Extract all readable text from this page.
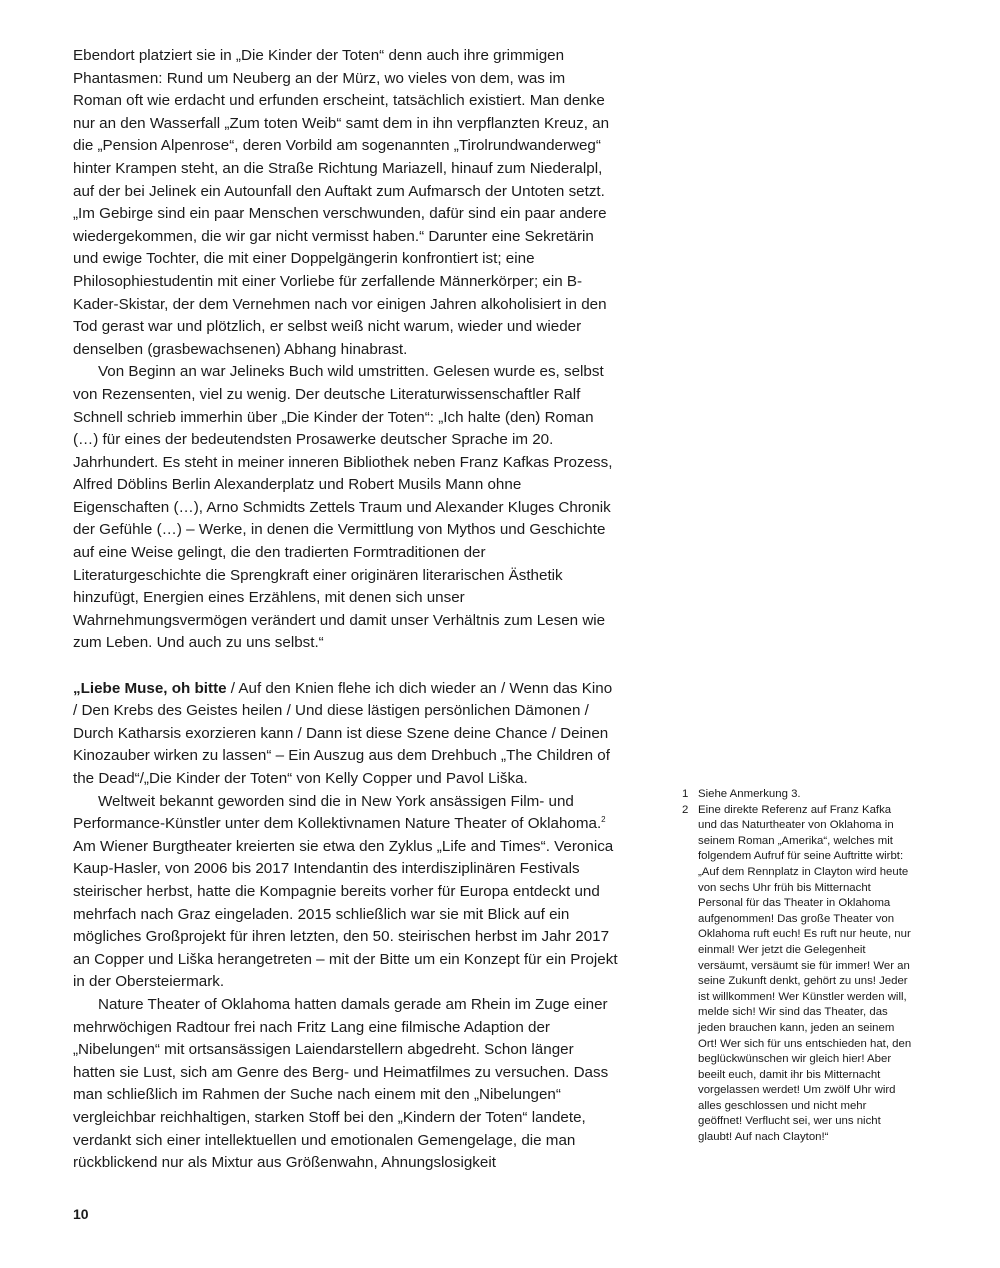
Ebendort platziert sie in „Die Kinder der Toten“ denn auch ihre grimmigen Phantasmen: Rund um Neuberg an der Mürz, wo vieles von dem, was im Roman oft wie erdacht und erfunden erscheint, tatsächlich existiert. Man denke nur an den Wasserfall „Zum toten Weib“ samt dem in ihn verpflanzten Kreuz, an die „Pension Alpenrose“, deren Vorbild am sogenannten „Tirolrundwanderweg“ hinter Krampen steht, an die Straße Richtung Mariazell, hinauf zum Niederalpl, auf der bei Jelinek ein Autounfall den Auftakt zum Aufmarsch der Untoten setzt. „Im Gebirge sind ein paar Menschen verschwunden, dafür sind ein paar andere wiedergekommen, die wir gar nicht vermisst haben.“ Darunter eine Sekretärin und ewige Tochter, die mit einer Doppelgängerin konfrontiert ist; eine Philosophiestudentin mit einer Vorliebe für zerfallende Männerkörper; ein B-Kader-Skistar, der dem Vernehmen nach vor einigen Jahren alkoholisiert in den Tod gerast war und plötzlich, er selbst weiß nicht warum, wieder und wieder denselben (grasbewachsenen) Abhang hinabrast.

Von Beginn an war Jelineks Buch wild umstritten. Gelesen wurde es, selbst von Rezensenten, viel zu wenig. Der deutsche Literaturwissenschaftler Ralf Schnell schrieb immerhin über „Die Kinder der Toten“: „Ich halte (den) Roman (…) für eines der bedeutendsten Prosawerke deutscher Sprache im 20. Jahrhundert. Es steht in meiner inneren Bibliothek neben Franz Kafkas Prozess, Alfred Döblins Berlin Alexanderplatz und Robert Musils Mann ohne Eigenschaften (…), Arno Schmidts Zettels Traum und Alexander Kluges Chronik der Gefühle (…) – Werke, in denen die Vermittlung von Mythos und Geschichte auf eine Weise gelingt, die den tradierten Formtraditionen der Literaturgeschichte die Sprengkraft einer originären literarischen Ästhetik hinzufügt, Energien eines Erzählens, mit denen sich unser Wahrnehmungsvermögen verändert und damit unser Verhältnis zum Lesen wie zum Leben. Und auch zu uns selbst.“

„Liebe Muse, oh bitte / Auf den Knien flehe ich dich wieder an / Wenn das Kino / Den Krebs des Geistes heilen / Und diese lästigen persönlichen Dämonen / Durch Katharsis exorzieren kann / Dann ist diese Szene deine Chance / Deinen Kinozauber wirken zu lassen“ – Ein Auszug aus dem Drehbuch „The Children of the Dead“/„Die Kinder der Toten“ von Kelly Copper und Pavol Liška.

Weltweit bekannt geworden sind die in New York ansässigen Film- und Performance-Künstler unter dem Kollektivnamen Nature Theater of Oklahoma.$^2$ Am Wiener Burgtheater kreierten sie etwa den Zyklus „Life and Times“. Veronica Kaup-Hasler, von 2006 bis 2017 Intendantin des interdisziplinären Festivals steirischer herbst, hatte die Kompagnie bereits vorher für Europa entdeckt und mehrfach nach Graz eingeladen. 2015 schließlich war sie mit Blick auf ein mögliches Großprojekt für ihren letzten, den 50. steirischen herbst im Jahr 2017 an Copper und Liška herangetreten – mit der Bitte um ein Konzept für ein Projekt in der Obersteiermark.

Nature Theater of Oklahoma hatten damals gerade am Rhein im Zuge einer mehrwöchigen Radtour frei nach Fritz Lang eine filmische Adaption der „Nibelungen“ mit ortsansässigen Laiendarstellern abgedreht. Schon länger hatten sie Lust, sich am Genre des Berg- und Heimatfilmes zu versuchen. Dass man schließlich im Rahmen der Suche nach einem mit den „Nibelungen“ vergleichbar reichhaltigen, starken Stoff bei den „Kindern der Toten“ landete, verdankt sich einer intellektuellen und emotionalen Gemengelage, die man rückblickend nur als Mixtur aus Größenwahn, Ahnungslosigkeit

1 Siehe Anmerkung 3.

2 Eine direkte Referenz auf Franz Kafka und das Naturtheater von Oklahoma in seinem Roman „Amerika“, welches mit folgendem Aufruf für seine Auftritte wirbt: „Auf dem Rennplatz in Clayton wird heute von sechs Uhr früh bis Mitternacht Personal für das Theater in Oklahoma aufgenommen! Das große Theater von Oklahoma ruft euch! Es ruft nur heute, nur einmal! Wer jetzt die Gelegenheit versäumt, versäumt sie für immer! Wer an seine Zukunft denkt, gehört zu uns! Jeder ist willkommen! Wer Künstler werden will, melde sich! Wir sind das Theater, das jeden brauchen kann, jeden an seinem Ort! Wer sich für uns entschieden hat, den beglückwünschen wir gleich hier! Aber beeilt euch, damit ihr bis Mitternacht vorgelassen werdet! Um zwölf Uhr wird alles geschlossen und nicht mehr geöffnet! Verflucht sei, wer uns nicht glaubt! Auf nach Clayton!“

10
